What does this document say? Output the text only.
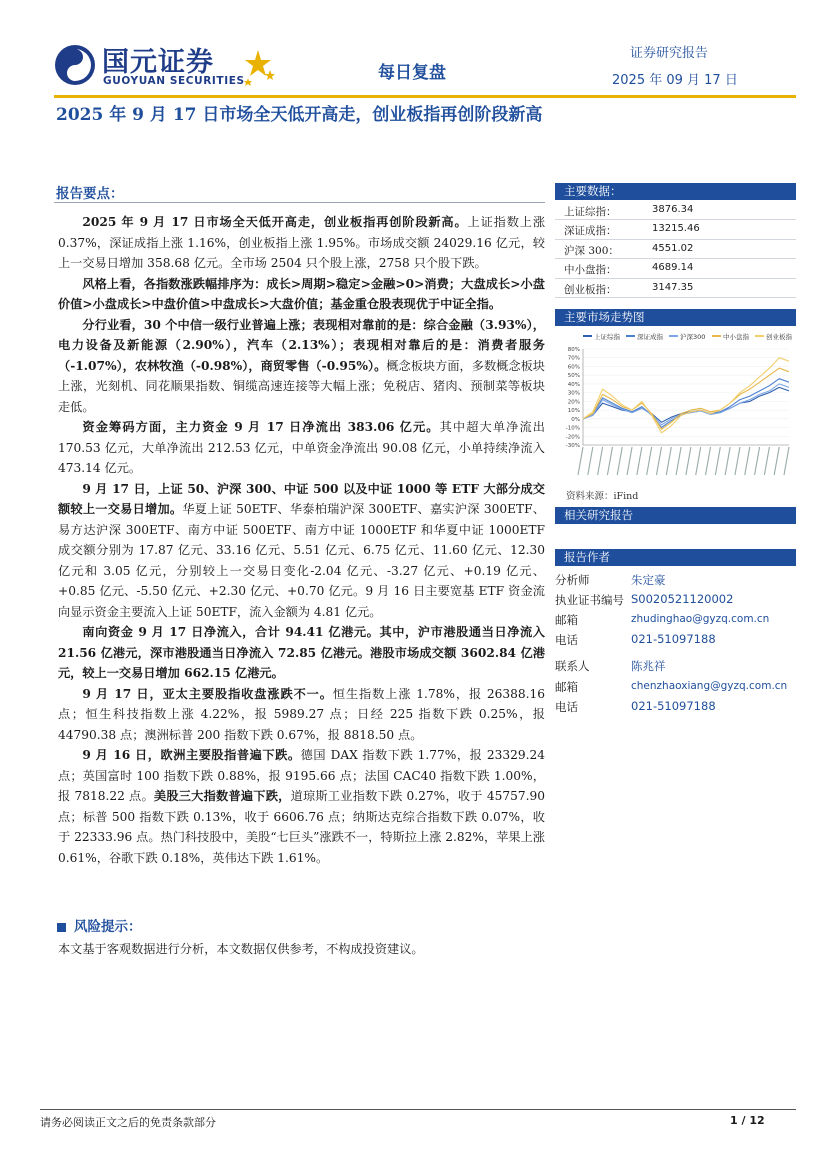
国元证券
GUOYUAN SECURITIES	每日复盘
证券研究报告
2025 年 09 月 17 日
2025 年 9 月 17 日市场全天低开高走，创业板指再创阶段新高
报告要点：

2025 年 9 月 17 日市场全天低开高走，创业板指再创阶段新高。上证指数上涨 0.37%，深证成指上涨 1.16%，创业板指上涨 1.95%。市场成交额 24029.16 亿元，较上一交易日增加 358.68 亿元。全市场 2504 只个股上涨，2758 只个股下跌。

风格上看，各指数涨跌幅排序为：成长>周期>稳定>金融>0>消费；大盘成长>小盘价值>小盘成长>中盘价值>中盘成长>大盘价值；基金重仓股表现优于中证全指。

分行业看，30 个中信一级行业普遍上涨；表现相对靠前的是：综合金融（3.93%），电力设备及新能源（2.90%），汽车（2.13%）；表现相对靠后的是：消费者服务（-1.07%），农林牧渔（-0.98%），商贸零售（-0.95%）。概念板块方面，多数概念板块上涨，光刻机、同花顺果指数、铜缆高速连接等大幅上涨；免税店、猪肉、预制菜等板块走低。

资金筹码方面，主力资金 9 月 17 日净流出 383.06 亿元。其中超大单净流出 170.53 亿元，大单净流出 212.53 亿元，中单资金净流出 90.08 亿元，小单持续净流入 473.14 亿元。

9 月 17 日，上证 50、沪深 300、中证 500 以及中证 1000 等 ETF 大部分成交额较上一交易日增加。华夏上证 50ETF、华泰柏瑞沪深 300ETF、嘉实沪深 300ETF、易方达沪深 300ETF、南方中证 500ETF、南方中证 1000ETF 和华夏中证 1000ETF 成交额分别为 17.87 亿元、33.16 亿元、5.51 亿元、6.75 亿元、11.60 亿元、12.30 亿元和 3.05 亿元，分别较上一交易日变化-2.04 亿元、-3.27 亿元、+0.19 亿元、+0.85 亿元、-5.50 亿元、+2.30 亿元、+0.70 亿元。9 月 16 日主要宽基 ETF 资金流向显示资金主要流入上证 50ETF，流入金额为 4.81 亿元。

南向资金 9 月 17 日净流入，合计 94.41 亿港元。其中，沪市港股通当日净流入 21.56 亿港元，深市港股通当日净流入 72.85 亿港元。港股市场成交额 3602.84 亿港元，较上一交易日增加 662.15 亿港元。

9 月 17 日，亚太主要股指收盘涨跌不一。恒生指数上涨 1.78%，报 26388.16 点；恒生科技指数上涨 4.22%，报 5989.27 点；日经 225 指数下跌 0.25%，报 44790.38 点；澳洲标普 200 指数下跌 0.67%，报 8818.50 点。

9 月 16 日，欧洲主要股指普遍下跌。德国 DAX 指数下跌 1.77%，报 23329.24 点；英国富时 100 指数下跌 0.88%，报 9195.66 点；法国 CAC40 指数下跌 1.00%，报 7818.22 点。美股三大指数普遍下跌，道琼斯工业指数下跌 0.27%，收于 45757.90 点；标普 500 指数下跌 0.13%，收于 6606.76 点；纳斯达克综合指数下跌 0.07%，收于 22333.96 点。热门科技股中，美股“七巨头”涨跌不一，特斯拉上涨 2.82%，苹果上涨 0.61%，谷歌下跌 0.18%，英伟达下跌 1.61%。

风险提示：
本文基于客观数据进行分析，本文数据仅供参考，不构成投资建议。
主要数据：
上证综指：	3876.34
深证成指：	13215.46
沪深 300：	4551.02
中小盘指：	4689.14
创业板指：	3147.35
主要市场走势图
上证综指	深证成指	沪深300	中小盘指	创业板指
80%
70%
60%
50%
40%
30%
20%
10%
0%
-10%
-20%
-30%
资料来源：iFind
相关研究报告
报告作者
分析师	朱定豪
执业证书编号 S0020521120002
邮箱	zhudinghao@gyzq.com.cn
电话	021-51097188
联系人	陈兆祥
邮箱	chenzhaoxiang@gyzq.com.cn
电话	021-51097188
请务必阅读正文之后的免责条款部分	1 / 12
